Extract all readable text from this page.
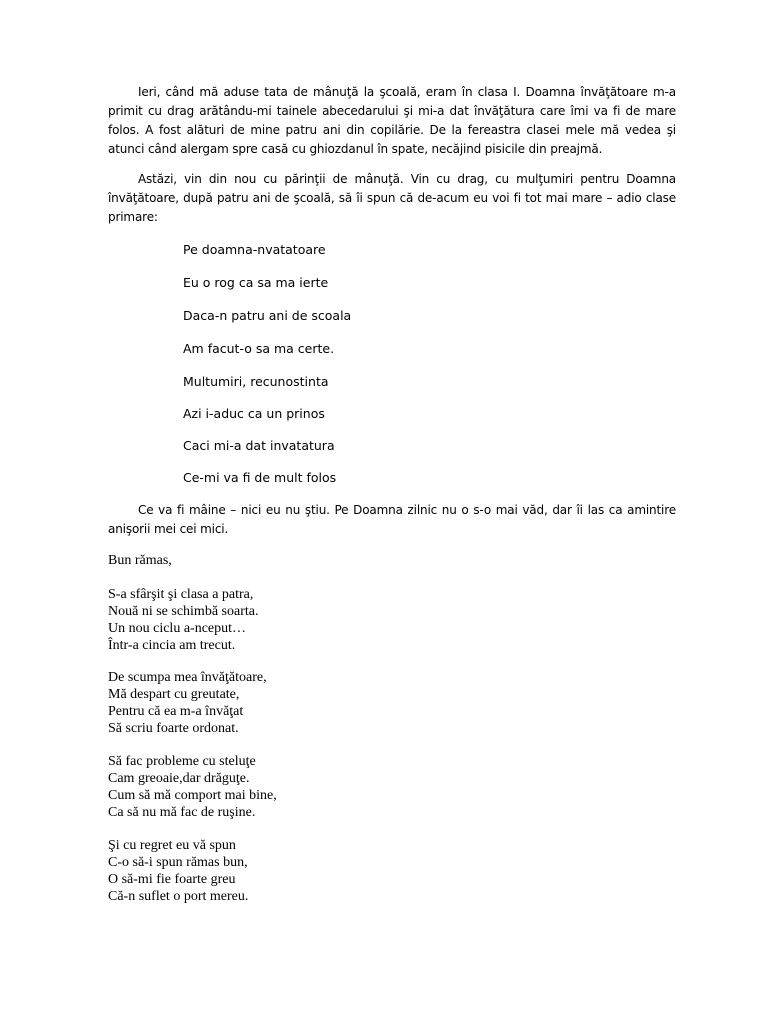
Ieri, când mă aduse tata de mânuţă la şcoală, eram în clasa I. Doamna învăţătoare m-a primit cu drag arătându-mi tainele abecedarului şi mi-a dat învăţătura care îmi va fi de mare folos. A fost alături de mine patru ani din copilărie. De la fereastra clasei mele mă vedea şi atunci când alergam spre casă cu ghiozdanul în spate, necăjind pisicile din preajmă.

Astăzi, vin din nou cu părinţii de mânuţă. Vin cu drag, cu mulţumiri pentru Doamna învăţătoare, după patru ani de şcoală, să îi spun că de-acum eu voi fi tot mai mare – adio clase primare:

Pe doamna-nvatatoare

Eu o rog ca sa ma ierte

Daca-n patru ani de scoala

Am facut-o sa ma certe.

Multumiri, recunostinta

Azi i-aduc ca un prinos

Caci mi-a dat invatatura

Ce-mi va fi de mult folos

Ce va fi mâine – nici eu nu ştiu. Pe Doamna zilnic nu o s-o mai văd, dar îi las ca amintire anişorii mei cei mici.

Bun rămas,

S-a sfârşit şi clasa a patra,
Nouă ni se schimbă soarta.
Un nou ciclu a-nceput…
Într-a cincia am trecut.
De scumpa mea învăţătoare,
Mă despart cu greutate,
Pentru că ea m-a învăţat
Să scriu foarte ordonat.
Să fac probleme cu steluţe
Cam greoaie,dar drăguţe.
Cum să mă comport mai bine,
Ca să nu mă fac de ruşine.
Şi cu regret eu vă spun
C-o să-i spun rămas bun,
O să-mi fie foarte greu
Că-n suflet o port mereu.
